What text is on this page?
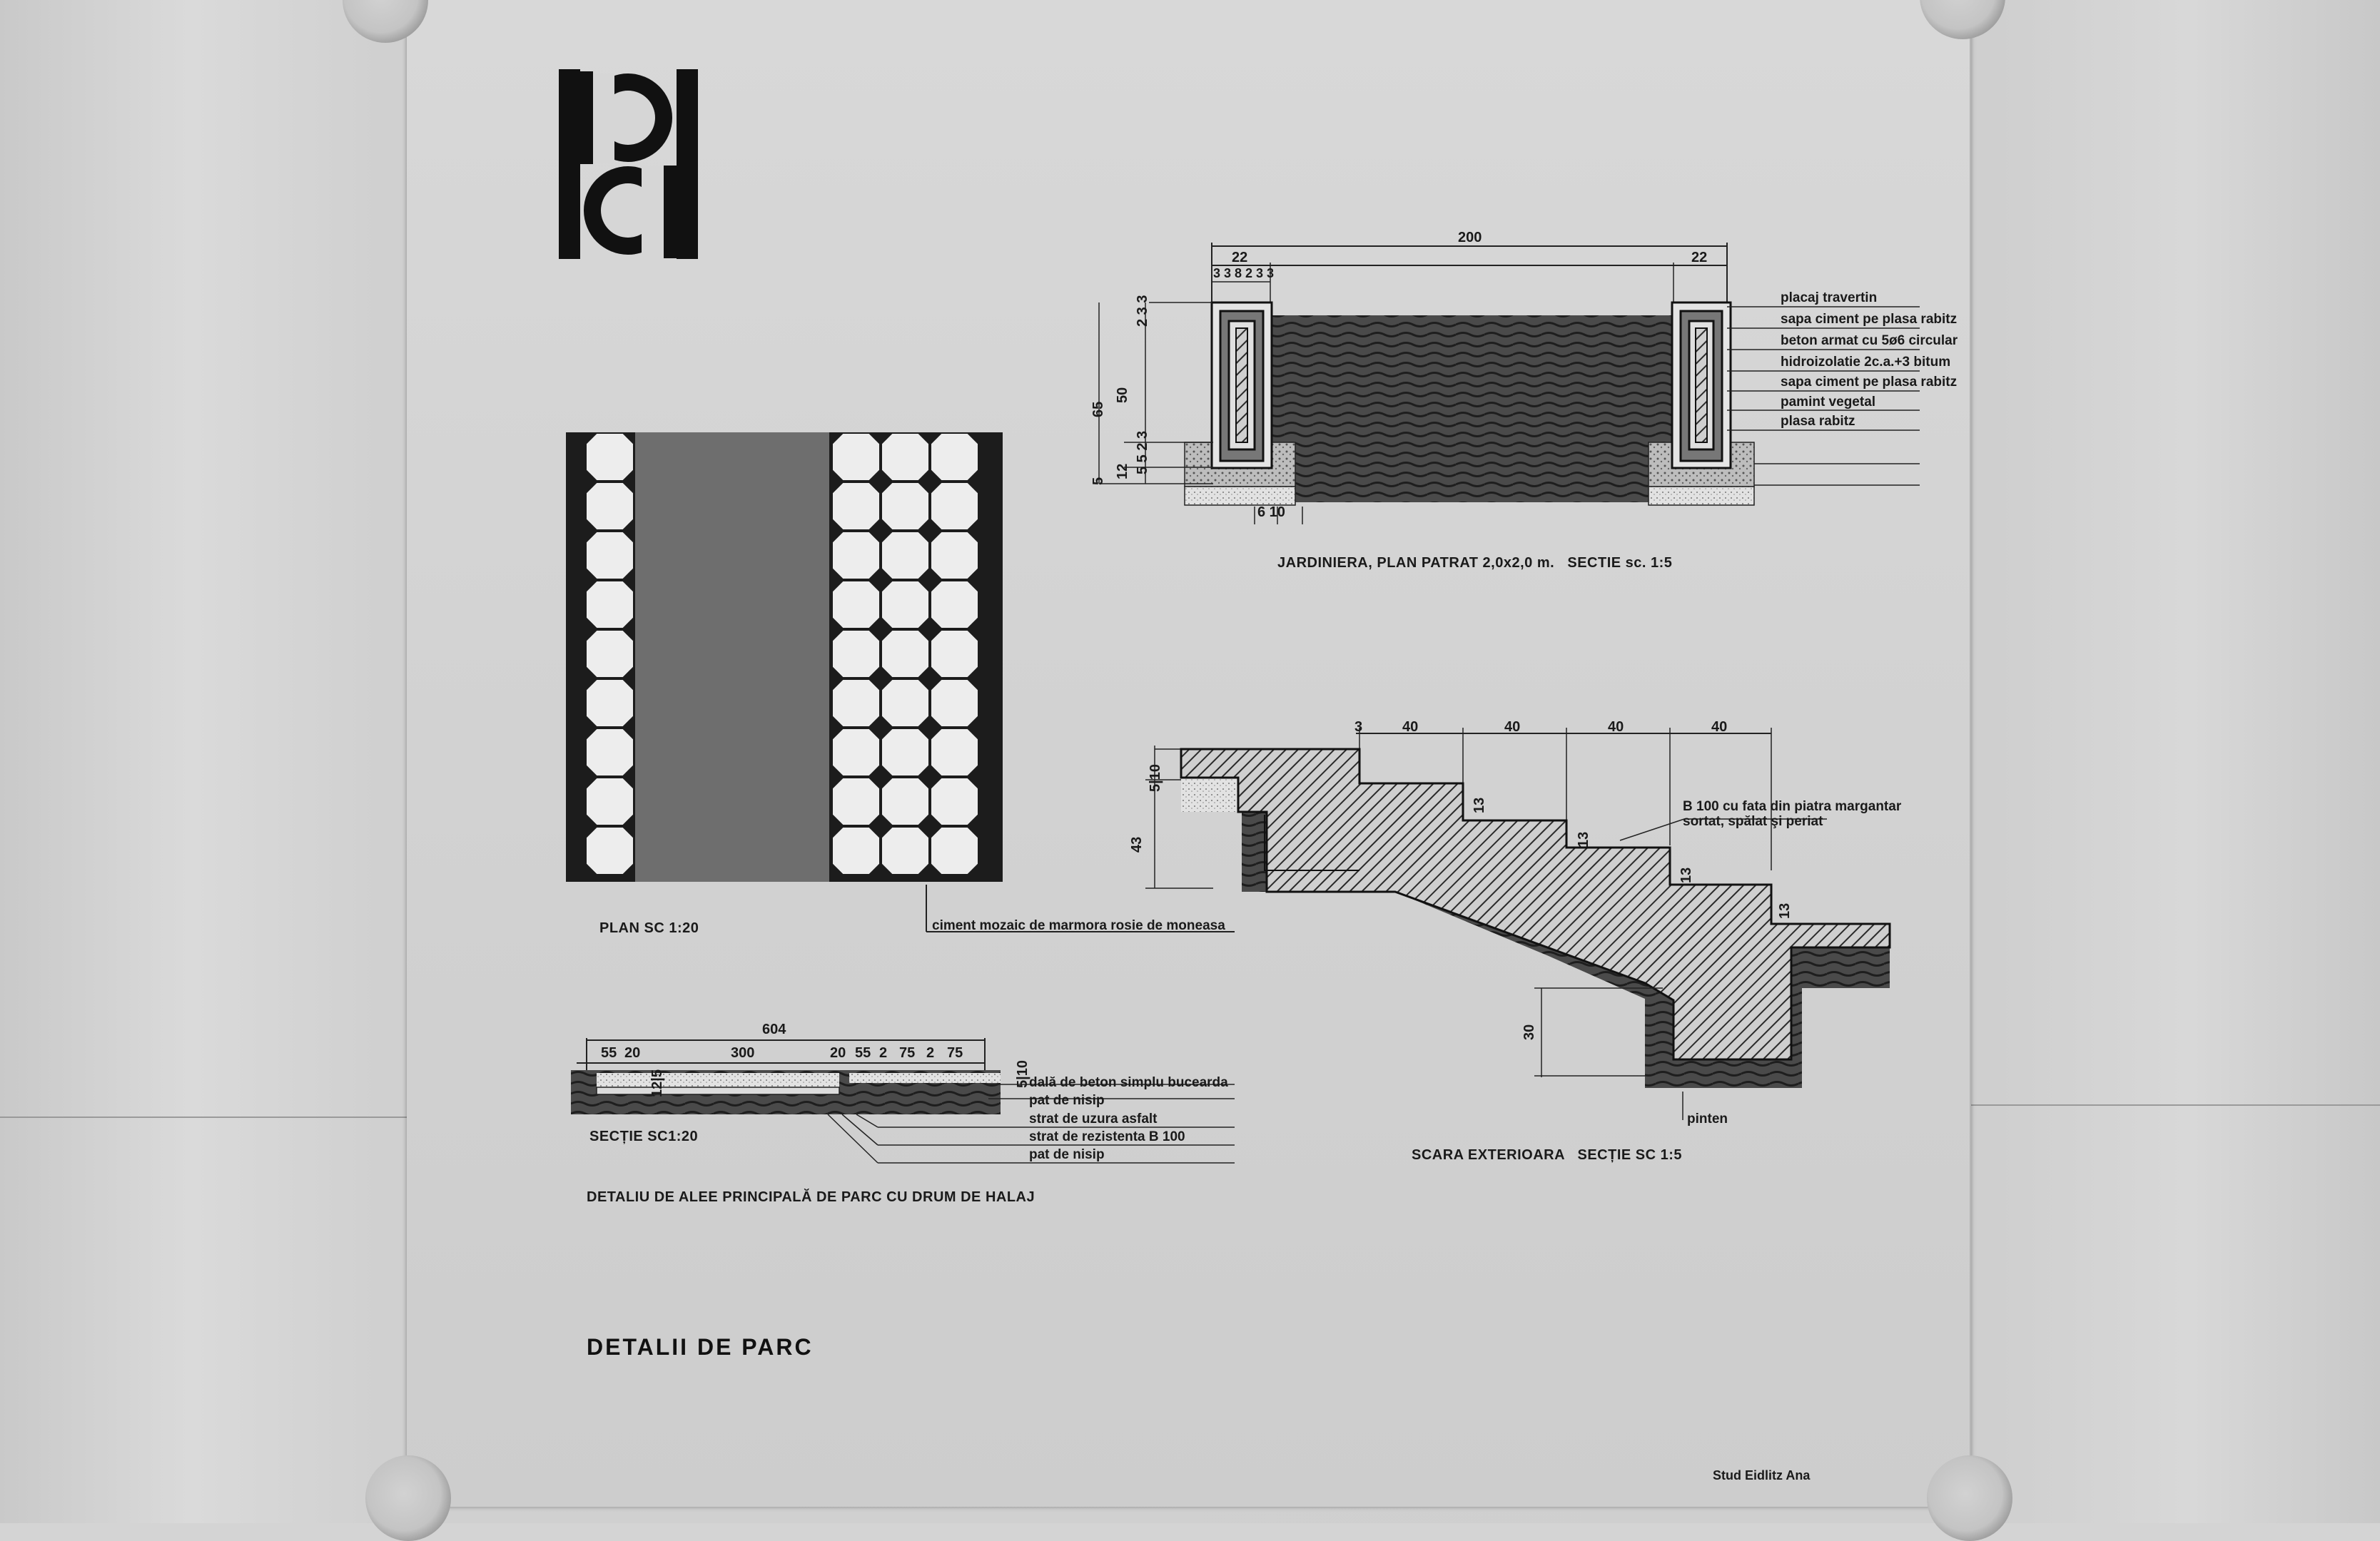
PLAN SC 1:20	ciment mozaic de marmora rosie de moneasa
604
55 20	300	20 55 2 75 2 75
5|10
12|5	dală de beton simplu bucearda
pat de nisip
strat de uzura asfalt
strat de rezistenta B 100
pat de nisip
SECȚIE SC1:20
DETALIU DE ALEE PRINCIPALĂ DE PARC CU DRUM DE HALAJ
200
22	22
3 3 8 2 3 3
6 10
2 3 3
65
50
5 5 2 3
12
5
placaj travertin
sapa ciment pe plasa rabitz
beton armat cu 5ø6 circular
hidroizolatie 2c.a.+3 bitum
sapa ciment pe plasa rabitz
pamint vegetal
plasa rabitz
JARDINIERA, PLAN PATRAT 2,0x2,0 m.   SECTIE sc. 1:5
3	40	40	40	40
13
13
13
13
5|10
43
30
B 100 cu fata din piatra margantar sortat, spălat şi periat
pinten
SCARA EXTERIOARA   SECȚIE SC 1:5
DETALII DE PARC
Stud Eidlitz Ana
